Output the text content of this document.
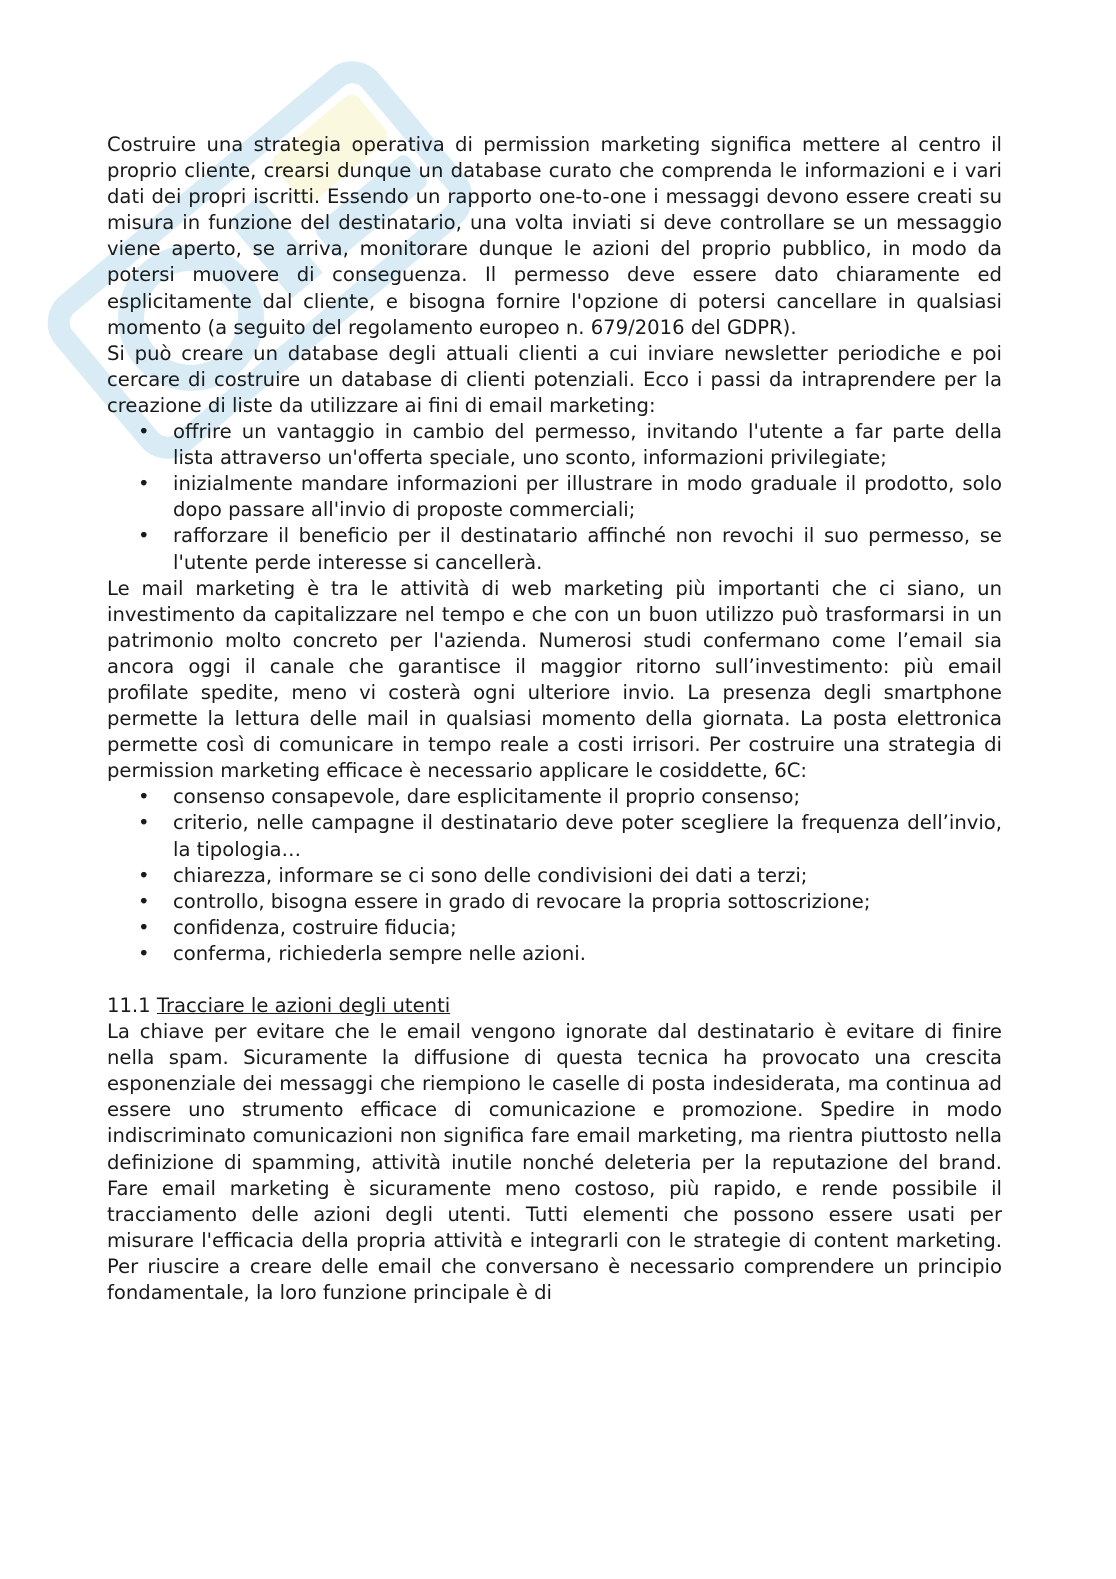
Costruire una strategia operativa di permission marketing significa mettere al centro il proprio cliente, crearsi dunque un database curato che comprenda le informazioni e i vari dati dei propri iscritti. Essendo un rapporto one-to-one i messaggi devono essere creati su misura in funzione del destinatario, una volta inviati si deve controllare se un messaggio viene aperto, se arriva, monitorare dunque le azioni del proprio pubblico, in modo da potersi muovere di conseguenza. Il permesso deve essere dato chiaramente ed esplicitamente dal cliente, e bisogna fornire l'opzione di potersi cancellare in qualsiasi momento (a seguito del regolamento europeo n. 679/2016 del GDPR).

Si può creare un database degli attuali clienti a cui inviare newsletter periodiche e poi cercare di costruire un database di clienti potenziali. Ecco i passi da intraprendere per la creazione di liste da utilizzare ai fini di email marketing:

• offrire un vantaggio in cambio del permesso, invitando l'utente a far parte della lista attraverso un'offerta speciale, uno sconto, informazioni privilegiate;
• inizialmente mandare informazioni per illustrare in modo graduale il prodotto, solo dopo passare all'invio di proposte commerciali;
• rafforzare il beneficio per il destinatario affinché non revochi il suo permesso, se l'utente perde interesse si cancellerà.

Le mail marketing è tra le attività di web marketing più importanti che ci siano, un investimento da capitalizzare nel tempo e che con un buon utilizzo può trasformarsi in un patrimonio molto concreto per l'azienda. Numerosi studi confermano come l’email sia ancora oggi il canale che garantisce il maggior ritorno sull’investimento: più email profilate spedite, meno vi costerà ogni ulteriore invio. La presenza degli smartphone permette la lettura delle mail in qualsiasi momento della giornata. La posta elettronica permette così di comunicare in tempo reale a costi irrisori. Per costruire una strategia di permission marketing efficace è necessario applicare le cosiddette, 6C:

• consenso consapevole, dare esplicitamente il proprio consenso;
• criterio, nelle campagne il destinatario deve poter scegliere la frequenza dell’invio, la tipologia…
• chiarezza, informare se ci sono delle condivisioni dei dati a terzi;
• controllo, bisogna essere in grado di revocare la propria sottoscrizione;
• confidenza, costruire fiducia;
• conferma, richiederla sempre nelle azioni.

11.1 Tracciare le azioni degli utenti

La chiave per evitare che le email vengono ignorate dal destinatario è evitare di finire nella spam. Sicuramente la diffusione di questa tecnica ha provocato una crescita esponenziale dei messaggi che riempiono le caselle di posta indesiderata, ma continua ad essere uno strumento efficace di comunicazione e promozione. Spedire in modo indiscriminato comunicazioni non significa fare email marketing, ma rientra piuttosto nella definizione di spamming, attività inutile nonché deleteria per la reputazione del brand. Fare email marketing è sicuramente meno costoso, più rapido, e rende possibile il tracciamento delle azioni degli utenti. Tutti elementi che possono essere usati per misurare l'efficacia della propria attività e integrarli con le strategie di content marketing. Per riuscire a creare delle email che conversano è necessario comprendere un principio fondamentale, la loro funzione principale è di
